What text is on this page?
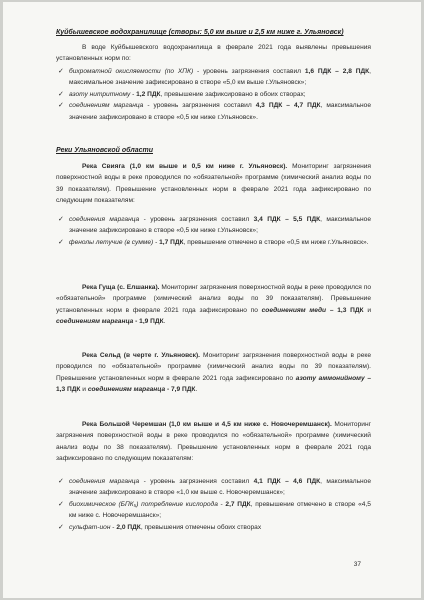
Куйбышевское водохранилище (створы: 5,0 км выше и 2,5 км ниже г. Ульяновск)
В воде Куйбышевского водохранилища в феврале 2021 года выявлены превышения установленных норм по:
✓ бихроматной окисляемости (по ХПК) - уровень загрязнения составил 1,6 ПДК – 2,8 ПДК, максимальное значение зафиксировано в створе «5,0 км выше г.Ульяновск»;
✓ азоту нитритному - 1,2 ПДК, превышение зафиксировано в обоих створах;
✓ соединениям марганца - уровень загрязнения составил 4,3 ПДК – 4,7 ПДК, максимальное значение зафиксировано в створе «0,5 км ниже г.Ульяновск».
Реки Ульяновской области
Река Свияга (1,0 км выше и 0,5 км ниже г. Ульяновск). Мониторинг загрязнения поверхностной воды в реке проводился по «обязательной» программе (химический анализ воды по 39 показателям). Превышение установленных норм в феврале 2021 года зафиксировано по следующим показателям:
✓ соединения марганца - уровень загрязнения составил 3,4 ПДК – 5,5 ПДК, максимальное значение зафиксировано в створе «0,5 км ниже г.Ульяновск»;
✓ фенолы летучие (в сумме) - 1,7 ПДК, превышение отмечено в створе «0,5 км ниже г.Ульяновск».
Река Гуща (с. Елшанка). Мониторинг загрязнения поверхностной воды в реке проводился по «обязательной» программе (химический анализ воды по 39 показателям). Превышение установленных норм в феврале 2021 года зафиксировано по соединениям меди – 1,3 ПДК и соединениям марганца - 1,9 ПДК.
Река Сельд (в черте г. Ульяновск). Мониторинг загрязнения поверхностной воды в реке проводился по «обязательной» программе (химический анализ воды по 39 показателям). Превышение установленных норм в феврале 2021 года зафиксировано по азоту аммонийному – 1,3 ПДК и соединениям марганца - 7,9 ПДК.
Река Большой Черемшан (1,0 км выше и 4,5 км ниже с. Новочеремшанск). Мониторинг загрязнения поверхностной воды в реке проводился по «обязательной» программе (химический анализ воды по 38 показателям). Превышение установленных норм в феврале 2021 года зафиксировано по следующим показателям:
✓ соединения марганца - уровень загрязнения составил 4,1 ПДК – 4,6 ПДК, максимальное значение зафиксировано в створе «1,0 км выше с. Новочеремшанск»;
✓ биохимическое (БПК₅) потребление кислорода - 2,7 ПДК, превышение отмечено в створе «4,5 км ниже с. Новочеремшанск»;
✓ сульфат-ион - 2,0 ПДК, превышения отмечены обоих створах
37
